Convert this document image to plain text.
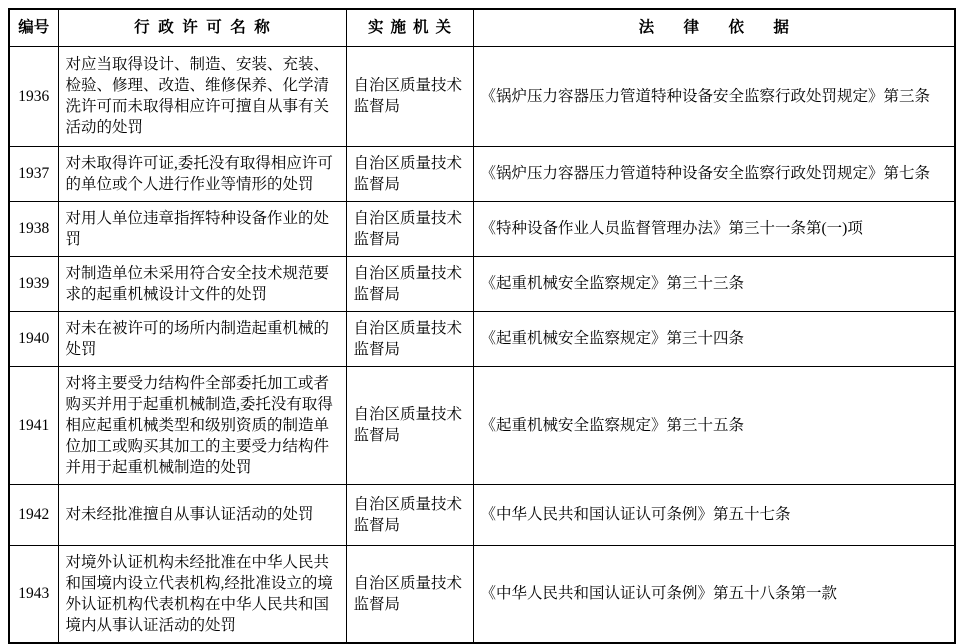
编号	行政许可名称	实施机关	法律依据
1936	对应当取得设计、制造、安装、充装、检验、修理、改造、维修保养、化学清洗许可而未取得相应许可擅自从事有关活动的处罚	自治区质量技术监督局	《锅炉压力容器压力管道特种设备安全监察行政处罚规定》第三条
1937	对未取得许可证,委托没有取得相应许可的单位或个人进行作业等情形的处罚	自治区质量技术监督局	《锅炉压力容器压力管道特种设备安全监察行政处罚规定》第七条
1938	对用人单位违章指挥特种设备作业的处罚	自治区质量技术监督局	《特种设备作业人员监督管理办法》第三十一条第(一)项
1939	对制造单位未采用符合安全技术规范要求的起重机械设计文件的处罚	自治区质量技术监督局	《起重机械安全监察规定》第三十三条
1940	对未在被许可的场所内制造起重机械的处罚	自治区质量技术监督局	《起重机械安全监察规定》第三十四条
1941	对将主要受力结构件全部委托加工或者购买并用于起重机械制造,委托没有取得相应起重机械类型和级别资质的制造单位加工或购买其加工的主要受力结构件并用于起重机械制造的处罚	自治区质量技术监督局	《起重机械安全监察规定》第三十五条
1942	对未经批准擅自从事认证活动的处罚	自治区质量技术监督局	《中华人民共和国认证认可条例》第五十七条
1943	对境外认证机构未经批准在中华人民共和国境内设立代表机构,经批准设立的境外认证机构代表机构在中华人民共和国境内从事认证活动的处罚	自治区质量技术监督局	《中华人民共和国认证认可条例》第五十八条第一款
